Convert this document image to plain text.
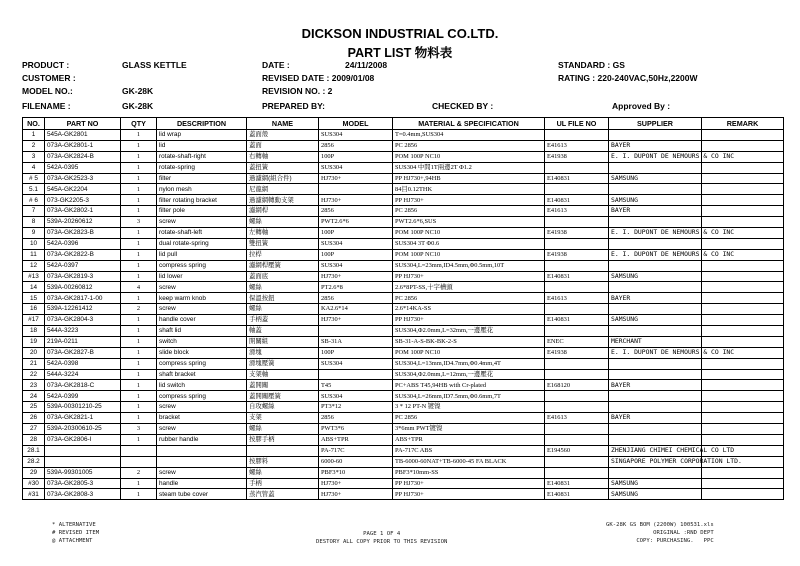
DICKSON INDUSTRIAL CO.LTD.
PART LIST 物料表
PRODUCT :	GLASS KETTLE
CUSTOMER :
MODEL NO.:	GK-28K
FILENAME :	GK-28K
DATE :	24/11/2008
REVISED DATE : 2009/01/08
REVISION NO. : 2
PREPARED BY:	CHECKED BY :
STANDARD : GS
RATING : 220-240VAC,50Hz,2200W
Approved By :
NO.	PART NO	QTY	DESCRIPTION	NAME	MODEL	MATERIAL & SPECIFICATION	UL FILE NO	SUPPLIER	REMARK
1	545A-GK2801	1	lid wrap	蓋面殼	SUS304	T=0.4mm,SUS304			
2	073A-GK2801-1	1	lid	蓋面	2856	PC 2856	E41613	BAYER	
3	073A-GK2824-B	1	rotate-shaft-right	右轉軸	100P	POM 100P NC10	E41938	E. I. DUPONT DE NEMOURS & CO INC	
4	542A-0395	1	rotate-spring	蓋扭簧	SUS304	SUS304 中間1T兩邊2T Φ1.2			
# 5	073A-GK2523-3	1	filter	過濾網(組合件)	HJ730+	PP HJ730+,94HB	E140831	SAMSUNG	
5.1	545A-GK2204	1	nylon mesh	尼龍網		84目0.12THK			
# 6	073-GK2205-3	1	filter rotating bracket	過濾網轉動支架	HJ730+	PP HJ730+	E140831	SAMSUNG	
7	073A-GK2802-1	1	filter pole	濾網桿	2856	PC 2856	E41613	BAYER	
8	539A-20260612	3	screw	螺絲	PWT2.6*6	PWT2.6*6,SUS			
9	073A-GK2823-B	1	rotate-shaft-left	左轉軸	100P	POM 100P NC10	E41938	E. I. DUPONT DE NEMOURS & CO INC	
10	542A-0396	1	dual rotate-spring	雙扭簧	SUS304	SUS304 3T Φ0.6			
11	073A-GK2822-B	1	lid pull	拉桿	100P	POM 100P NC10	E41938	E. I. DUPONT DE NEMOURS & CO INC	
12	542A-0397	1	compress spring	濾網桿壓簧	SUS304	SUS304,L=23mm,ID4.5mm,Φ0.5mm,10T			
#13	073A-GK2819-3	1	lid lower	蓋面底	HJ730+	PP HJ730+	E140831	SAMSUNG	
14	539A-00260812	4	screw	螺絲	PT2.6*8	2.6*8PT-SS,十字槽頭			
15	073A-GK2817-1-00	1	keep warm knob	保溫按鈕	2856	PC 2856	E41613	BAYER	
16	539A-12261412	2	screw	螺絲	KA2.6*14	2.6*14KA-SS			
#17	073A-GK2804-3	1	handle cover	手柄蓋	HJ730+	PP HJ730+	E140831	SAMSUNG	
18	544A-3223	1	shaft lid	軸蓋		SUS304,Φ2.0mm,L=32mm,一邊壓花			
19	219A-0211	1	switch	開關組	SB-31A	SB-31-A-S-BK-BK-2-S	ENEC	MERCHANT	
20	073A-GK2827-B	1	slide block	滑塊	100P	POM 100P NC10	E41938	E. I. DUPONT DE NEMOURS & CO INC	
21	542A-0398	1	compress spring	滑塊壓簧	SUS304	SUS304,L=13mm,ID4.7mm,Φ0.4mm,4T			
22	544A-3224	1	shaft bracket	支架軸		SUS304,Φ2.0mm,L=12mm,一邊壓花			
23	073A-GK2818-C	1	lid switch	蓋開關	T45	PC+ABS T45,94HB with Cr-plated	E168120	BAYER	
24	542A-0399	1	compress spring	蓋開關壓簧	SUS304	SUS304,L=26mm,ID7.5mm,Φ0.6mm,7T			
25	539A-00301210-25	1	screw	自攻螺絲	PT3*12	3 * 12 PT-N 镀镍			
26	073A-GK2821-1	1	bracket	支架	2856	PC 2856	E41613	BAYER	
27	539A-20300610-25	3	screw	螺絲	PWT3*6	3*6mm PWT镀镍			
28	073A-GK2806-I	1	rubber handle	按膠手柄	ABS+TPR	ABS+TPR			
28.1					PA-717C	PA-717C ABS	E194560	ZHENJIANG CHIMEI CHEMICAL CO LTD	
28.2				按膠料	6000-60	TB-6000-60NAT+TB-6000-45 FA BLACK		SINGAPORE POLYMER CORPORATION LTD.	
29	539A-99301005	2	screw	螺絲	PBF3*10	PBF3*10mm-SS			
#30	073A-GK2805-3	1	handle	手柄	HJ730+	PP HJ730+	E140831	SAMSUNG	
#31	073A-GK2808-3	1	steam tube cover	蒸汽管蓋	HJ730+	PP HJ730+	E140831	SAMSUNG	
* ALTERNATIVE
# REVISED ITEM
@ ATTACHMENT
PAGE 1 OF 4
DESTORY ALL COPY PRIOR TO THIS REVISION
GK-28K GS BOM (2200W) 100531.xls
ORIGINAL :RND DEPT
COPY: PURCHASING.   PPC
